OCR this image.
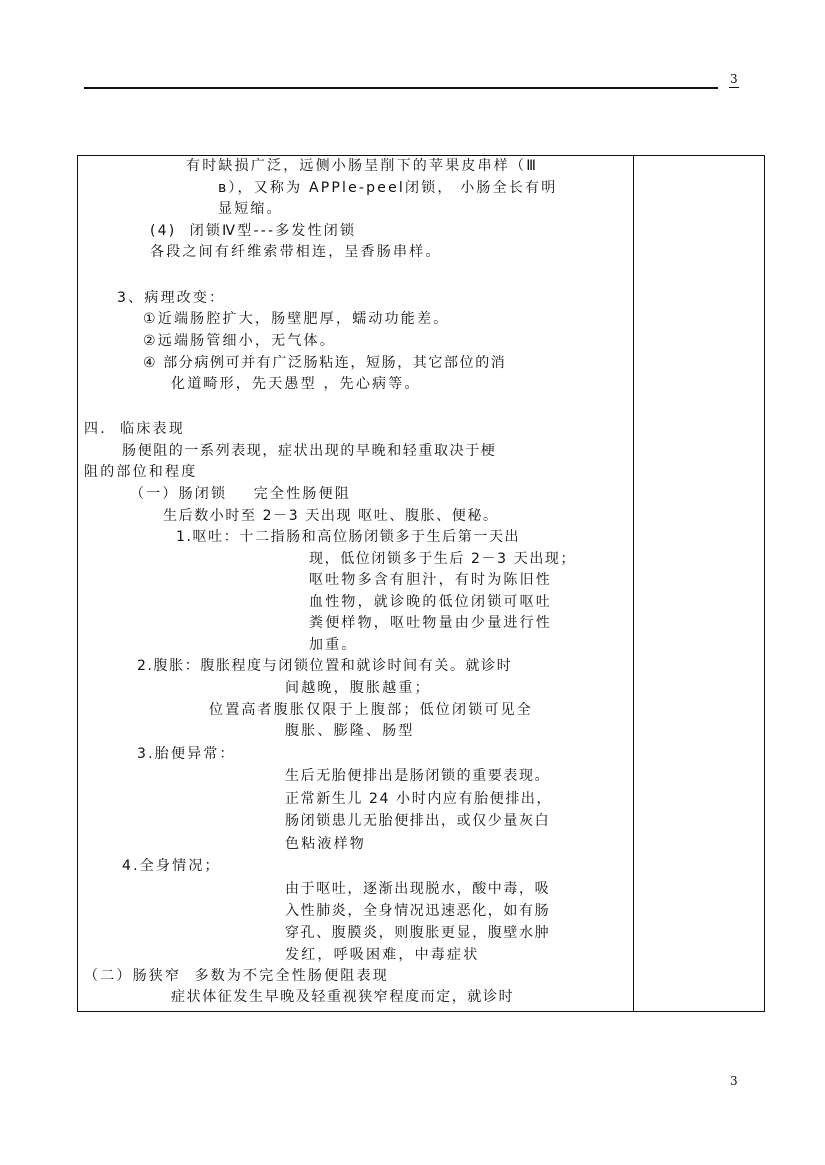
3
有时缺损广泛，远侧小肠呈削下的苹果皮串样（Ⅲ
ʙ），又称为 APPle-peel闭锁， 小肠全长有明
显短缩。
(4)  闭锁Ⅳ型---多发性闭锁
各段之间有纤维索带相连，呈香肠串样。
3、病理改变：
①近端肠腔扩大，肠壁肥厚，蠕动功能差。
②远端肠管细小，无气体。
④ 部分病例可并有广泛肠粘连，短肠，其它部位的消
化道畸形，先天愚型 ，先心病等。
四.  临床表现
肠便阻的一系列表现，症状出现的早晚和轻重取决于梗
阻的部位和程度
（一）肠闭锁    完全性肠便阻
生后数小时至 2－3 天出现 呕吐、腹胀、便秘。
1.呕吐：十二指肠和高位肠闭锁多于生后第一天出
现，低位闭锁多于生后 2－3 天出现；
呕吐物多含有胆汁，有时为陈旧性
血性物，就诊晚的低位闭锁可呕吐
粪便样物，呕吐物量由少量进行性
加重。
2.腹胀：腹胀程度与闭锁位置和就诊时间有关。就诊时
间越晚，腹胀越重；
位置高者腹胀仅限于上腹部；低位闭锁可见全
腹胀、膨隆、肠型
3.胎便异常：
生后无胎便排出是肠闭锁的重要表现。
正常新生儿 24 小时内应有胎便排出，
肠闭锁患儿无胎便排出，或仅少量灰白
色粘液样物
4.全身情况；
由于呕吐，逐渐出现脱水，酸中毒，吸
入性肺炎，全身情况迅速恶化，如有肠
穿孔、腹膜炎，则腹胀更显，腹壁水肿
发红，呼吸困难，中毒症状
（二）肠狭窄  多数为不完全性肠便阻表现
症状体征发生早晚及轻重视狭窄程度而定，就诊时
3
